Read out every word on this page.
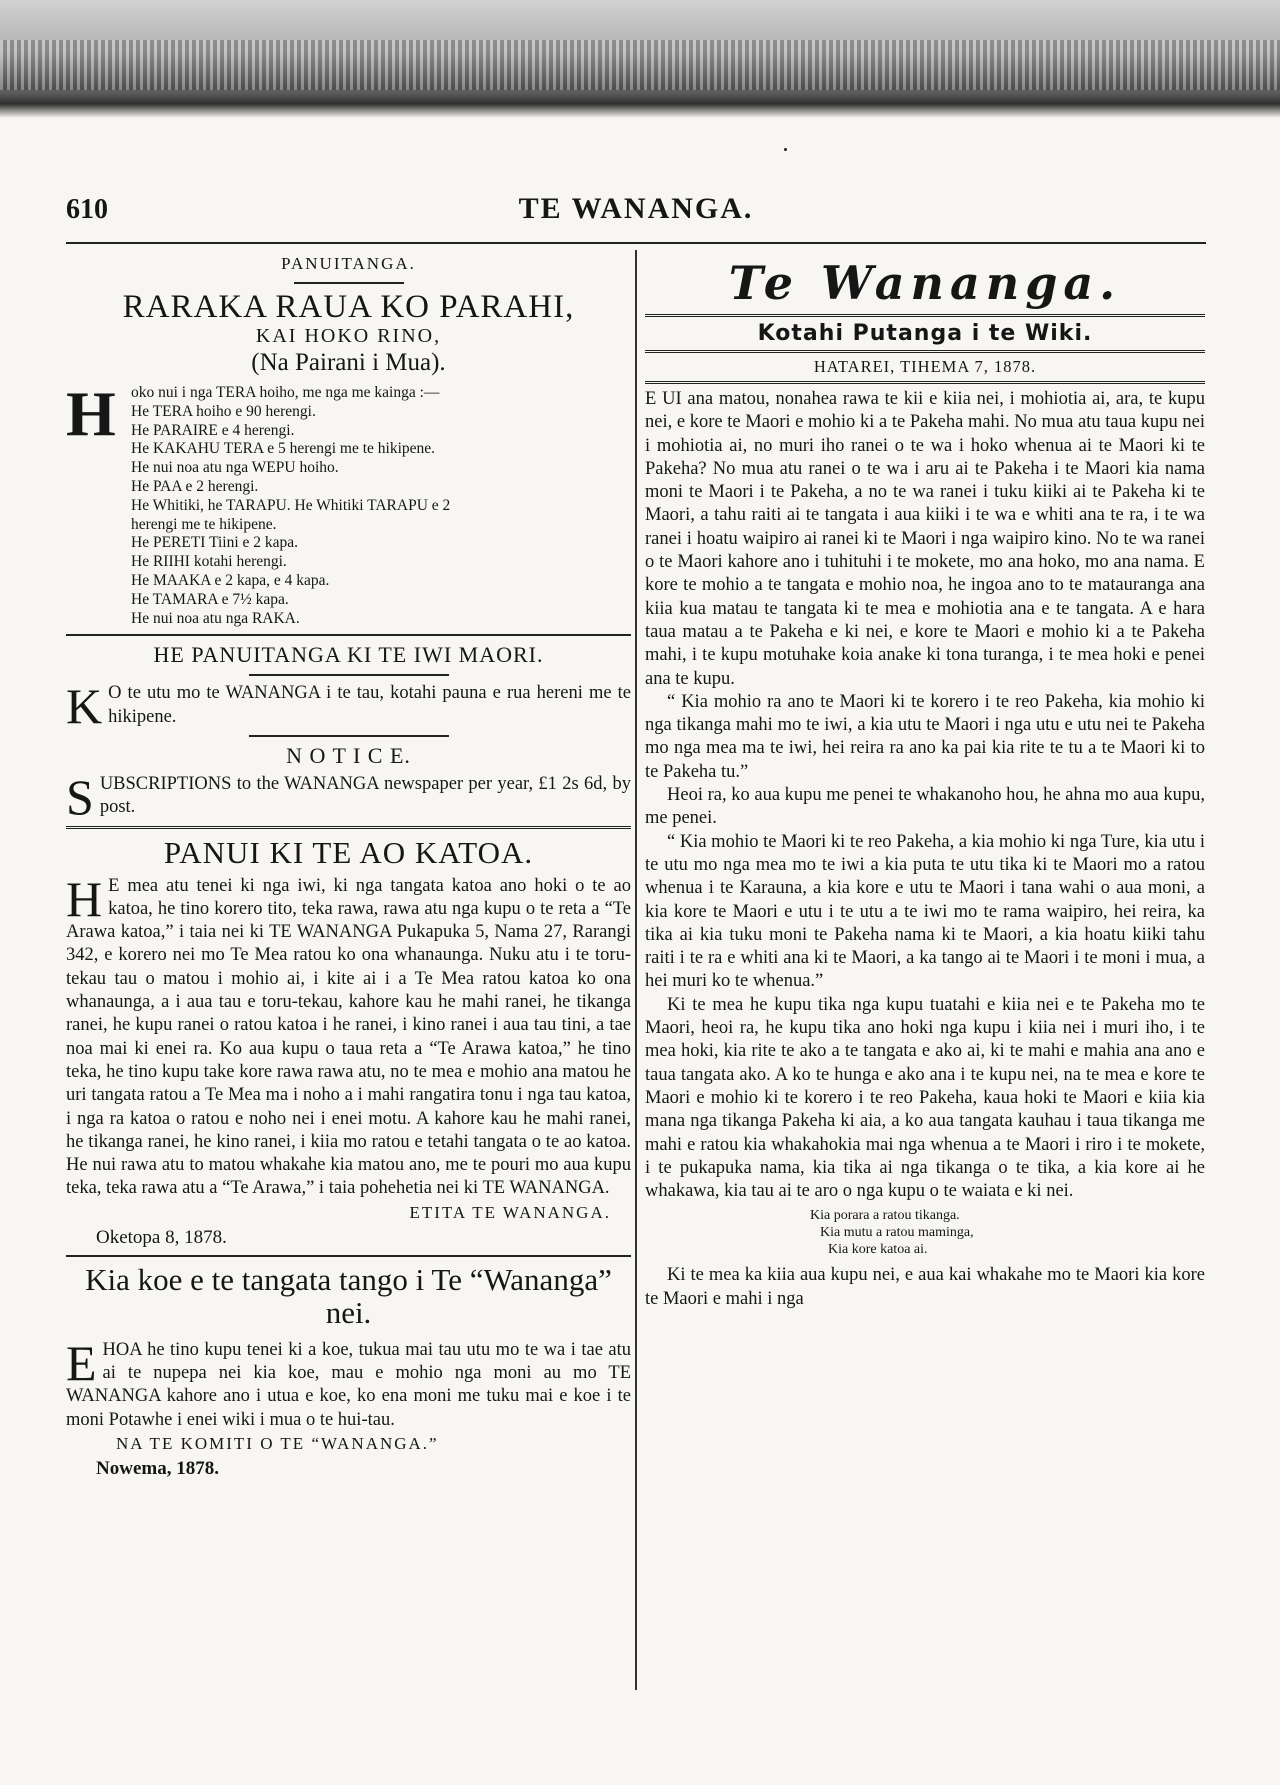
610	TE WANANGA.
PANUITANGA.
RARAKA RAUA KO PARAHI,
KAI HOKO RINO,
(Na Pairani i Mua).
H oko nui i nga TERA hoiho, me nga me kainga :—
He TERA hoiho e 90 herengi.
He PARAIRE e 4 herengi.
He KAKAHU TERA e 5 herengi me te hikipene.
He nui noa atu nga WEPU hoiho.
He PAA e 2 herengi.
He Whitiki, he TARAPU. He Whitiki TARAPU e 2
herengi me te hikipene.
He PERETI Tiini e 2 kapa.
He RIIHI kotahi herengi.
He MAAKA e 2 kapa, e 4 kapa.
He TAMARA e 7½ kapa.
He nui noa atu nga RAKA.
HE PANUITANGA KI TE IWI MAORI.

K O te utu mo te WANANGA i te tau, kotahi pauna e rua hereni me te hikipene.

N O T I C E.

SUBSCRIPTIONS to the WANANGA newspaper per year, £1 2s 6d, by post.

PANUI KI TE AO KATOA.

H E mea atu tenei ki nga iwi, ki nga tangata katoa ano hoki o te ao katoa, he tino korero tito, teka rawa, rawa atu nga kupu o te reta a “Te Arawa katoa,” i taia nei ki TE WANANGA Pukapuka 5, Nama 27, Rarangi 342, e korero nei mo Te Mea ratou ko ona whanaunga. Nuku atu i te toru-tekau tau o matou i mohio ai, i kite ai i a Te Mea ratou katoa ko ona whanaunga, a i aua tau e toru-tekau, kahore kau he mahi ranei, he tikanga ranei, he kupu ranei o ratou katoa i he ranei, i kino ranei i aua tau tini, a tae noa mai ki enei ra. Ko aua kupu o taua reta a “Te Arawa katoa,” he tino teka, he tino kupu take kore rawa rawa atu, no te mea e mohio ana matou he uri tangata ratou a Te Mea ma i noho a i mahi rangatira tonu i nga tau katoa, i nga ra katoa o ratou e noho nei i enei motu. A kahore kau he mahi ranei, he tikanga ranei, he kino ranei, i kiia mo ratou e tetahi tangata o te ao katoa. He nui rawa atu to matou whakahe kia matou ano, me te pouri mo aua kupu teka, teka rawa atu a “Te Arawa,” i taia pohehetia nei ki TE WANANGA.

ETITA TE WANANGA.
Oketopa 8, 1878.
Kia koe e te tangata tango i Te “Wananga” nei.

EHOA he tino kupu tenei ki a koe, tukua mai tau utu mo te wa i tae atu ai te nupepa nei kia koe, mau e mohio nga moni au mo TE WANANGA kahore ano i utua e koe, ko ena moni me tuku mai e koe i te moni Potawhe i enei wiki i mua o te hui-tau.

NA TE KOMITI O TE “WANANGA.”
Nowema, 1878.
Te Wananga.
Kotahi Putanga i te Wiki.
HATAREI, TIHEMA 7, 1878.

E UI ana matou, nonahea rawa te kii e kiia nei, i mohiotia ai, ara, te kupu nei, e kore te Maori e mohio ki a te Pakeha mahi. No mua atu taua kupu nei i mohiotia ai, no muri iho ranei o te wa i hoko whenua ai te Maori ki te Pakeha? No mua atu ranei o te wa i aru ai te Pakeha i te Maori kia nama moni te Maori i te Pakeha, a no te wa ranei i tuku kiiki ai te Pakeha ki te Maori, a tahu raiti ai te tangata i aua kiiki i te wa e whiti ana te ra, i te wa ranei i hoatu waipiro ai ranei ki te Maori i nga waipiro kino. No te wa ranei o te Maori kahore ano i tuhituhi i te mokete, mo ana hoko, mo ana nama. E kore te mohio a te tangata e mohio noa, he ingoa ano to te matauranga ana kiia kua matau te tangata ki te mea e mohiotia ana e te tangata. A e hara taua matau a te Pakeha e ki nei, e kore te Maori e mohio ki a te Pakeha mahi, i te kupu motuhake koia anake ki tona turanga, i te mea hoki e penei ana te kupu.

“ Kia mohio ra ano te Maori ki te korero i te reo Pakeha, kia mohio ki nga tikanga mahi mo te iwi, a kia utu te Maori i nga utu e utu nei te Pakeha mo nga mea ma te iwi, hei reira ra ano ka pai kia rite te tu a te Maori ki to te Pakeha tu.”

Heoi ra, ko aua kupu me penei te whakanoho hou, he ahna mo aua kupu, me penei.

“ Kia mohio te Maori ki te reo Pakeha, a kia mohio ki nga Ture, kia utu i te utu mo nga mea mo te iwi a kia puta te utu tika ki te Maori mo a ratou whenua i te Karauna, a kia kore e utu te Maori i tana wahi o aua moni, a kia kore te Maori e utu i te utu a te iwi mo te rama waipiro, hei reira, ka tika ai kia tuku moni te Pakeha nama ki te Maori, a kia hoatu kiiki tahu raiti i te ra e whiti ana ki te Maori, a ka tango ai te Maori i te moni i mua, a hei muri ko te whenua.”

Ki te mea he kupu tika nga kupu tuatahi e kiia nei e te Pakeha mo te Maori, heoi ra, he kupu tika ano hoki nga kupu i kiia nei i muri iho, i te mea hoki, kia rite te ako a te tangata e ako ai, ki te mahi e mahia ana ano e taua tangata ako. A ko te hunga e ako ana i te kupu nei, na te mea e kore te Maori e mohio ki te korero i te reo Pakeha, kaua hoki te Maori e kiia kia mana nga tikanga Pakeha ki aia, a ko aua tangata kauhau i taua tikanga me mahi e ratou kia whakahokia mai nga whenua a te Maori i riro i te mokete, i te pukapuka nama, kia tika ai nga tikanga o te tika, a kia kore ai he whakawa, kia tau ai te aro o nga kupu o te waiata e ki nei.

Kia porara a ratou tikanga.
Kia mutu a ratou maminga,
Kia kore katoa ai.

Ki te mea ka kiia aua kupu nei, e aua kai whakahe mo te Maori kia kore te Maori e mahi i nga
